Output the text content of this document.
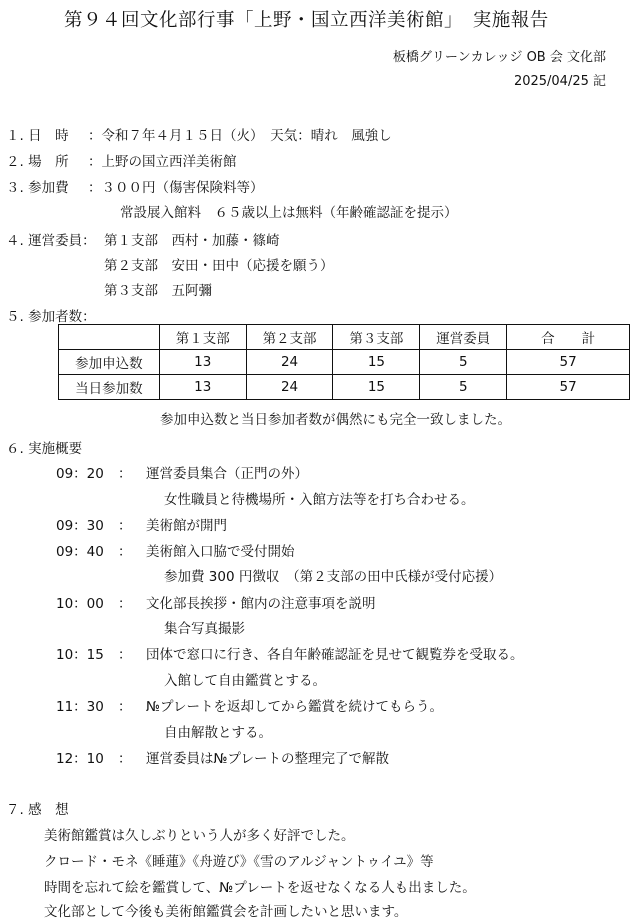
第９４回文化部行事「上野・国立西洋美術館」　実施報告
板橋グリーンカレッジ OB 会 文化部
2025/04/25 記
１. 日　時 ：令和７年４月１５日（火）　天気：晴れ　風強し
２. 場　所 ：上野の国立西洋美術館
３. 参加費 ：３００円（傷害保険料等）
常設展入館料　６５歳以上は無料（年齢確認証を提示）
４. 運営委員： 第１支部　西村・加藤・篠崎
第２支部　安田・田中（応援を願う）
第３支部　五阿彌
５. 参加者数：
	第１支部	第２支部	第３支部	運営委員	合　　計
参加申込数	13	24	15	5	57
当日参加数	13	24	15	5	57
参加申込数と当日参加者数が偶然にも完全一致しました。
６. 実施概要
09：20	： 運営委員集合（正門の外）
女性職員と待機場所・入館方法等を打ち合わせる。
09：30	： 美術館が開門
09：40	： 美術館入口脇で受付開始
参加費 300 円徴収　（第２支部の田中氏様が受付応援）
10：00	： 文化部長挨拶・館内の注意事項を説明
集合写真撮影
10：15	： 団体で窓口に行き、各自年齢確認証を見せて観覧券を受取る。
入館して自由鑑賞とする。
11：30	： №プレートを返却してから鑑賞を続けてもらう。
自由解散とする。
12：10	： 運営委員は№プレートの整理完了で解散
７. 感　想
美術館鑑賞は久しぶりという人が多く好評でした。
クロード・モネ《睡蓮》《舟遊び》《雪のアルジャントゥイユ》等
時間を忘れて絵を鑑賞して、№プレートを返せなくなる人も出ました。
文化部として今後も美術館鑑賞会を計画したいと思います。
